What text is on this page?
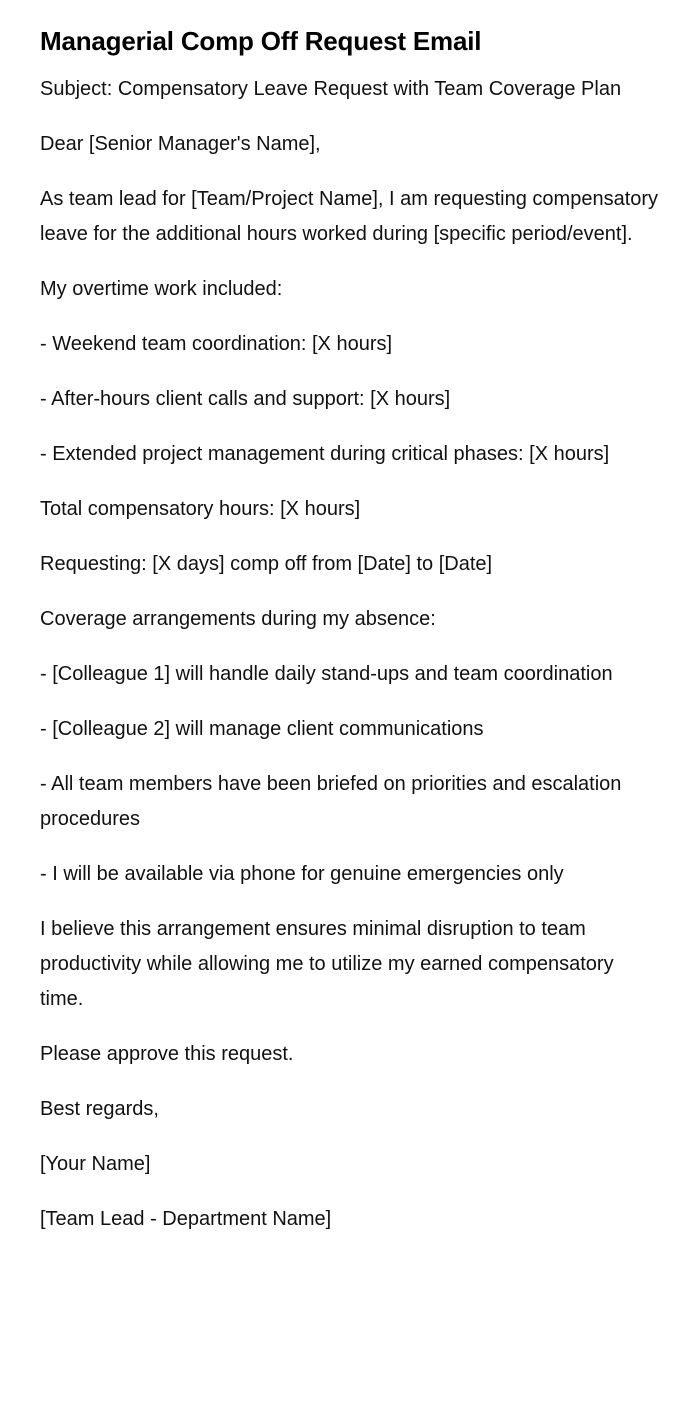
Managerial Comp Off Request Email

Subject: Compensatory Leave Request with Team Coverage Plan

Dear [Senior Manager's Name],

As team lead for [Team/Project Name], I am requesting compensatory leave for the additional hours worked during [specific period/event].

My overtime work included:

- Weekend team coordination: [X hours]

- After-hours client calls and support: [X hours]

- Extended project management during critical phases: [X hours]

Total compensatory hours: [X hours]

Requesting: [X days] comp off from [Date] to [Date]

Coverage arrangements during my absence:

- [Colleague 1] will handle daily stand-ups and team coordination

- [Colleague 2] will manage client communications

- All team members have been briefed on priorities and escalation procedures

- I will be available via phone for genuine emergencies only

I believe this arrangement ensures minimal disruption to team productivity while allowing me to utilize my earned compensatory time.

Please approve this request.

Best regards,

[Your Name]

[Team Lead - Department Name]
